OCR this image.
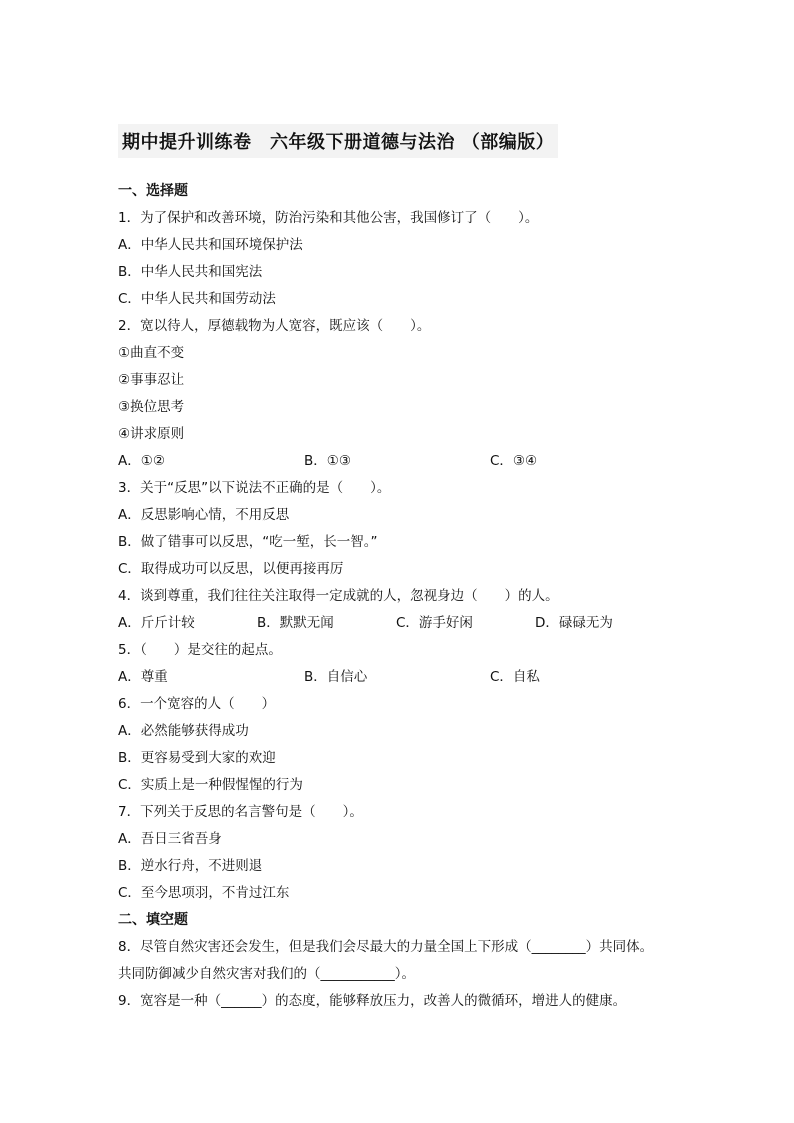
期中提升训练卷　六年级下册道德与法治 （部编版）
一、选择题
1．为了保护和改善环境，防治污染和其他公害，我国修订了（　　）。
A．中华人民共和国环境保护法
B．中华人民共和国宪法
C．中华人民共和国劳动法
2．宽以待人，厚德载物为人宽容，既应该（　　）。
①曲直不变
②事事忍让
③换位思考
④讲求原则
A．①②	B．①③	C．③④
3．关于“反思”以下说法不正确的是（　　）。
A．反思影响心情，不用反思
B．做了错事可以反思，“吃一堑，长一智。”
C．取得成功可以反思，以便再接再厉
4．谈到尊重，我们往往关注取得一定成就的人，忽视身边（　　）的人。
A．斤斤计较	B．默默无闻	C．游手好闲	D．碌碌无为
5．（　　）是交往的起点。
A．尊重	B．自信心	C．自私
6．一个宽容的人（　　）
A．必然能够获得成功
B．更容易受到大家的欢迎
C．实质上是一种假惺惺的行为
7．下列关于反思的名言警句是（　　）。
A．吾日三省吾身
B．逆水行舟，不进则退
C．至今思项羽，不肯过江东
二、填空题
8．尽管自然灾害还会发生，但是我们会尽最大的力量全国上下形成（________）共同体。
共同防御减少自然灾害对我们的（___________）。
9．宽容是一种（______）的态度，能够释放压力，改善人的微循环，增进人的健康。
